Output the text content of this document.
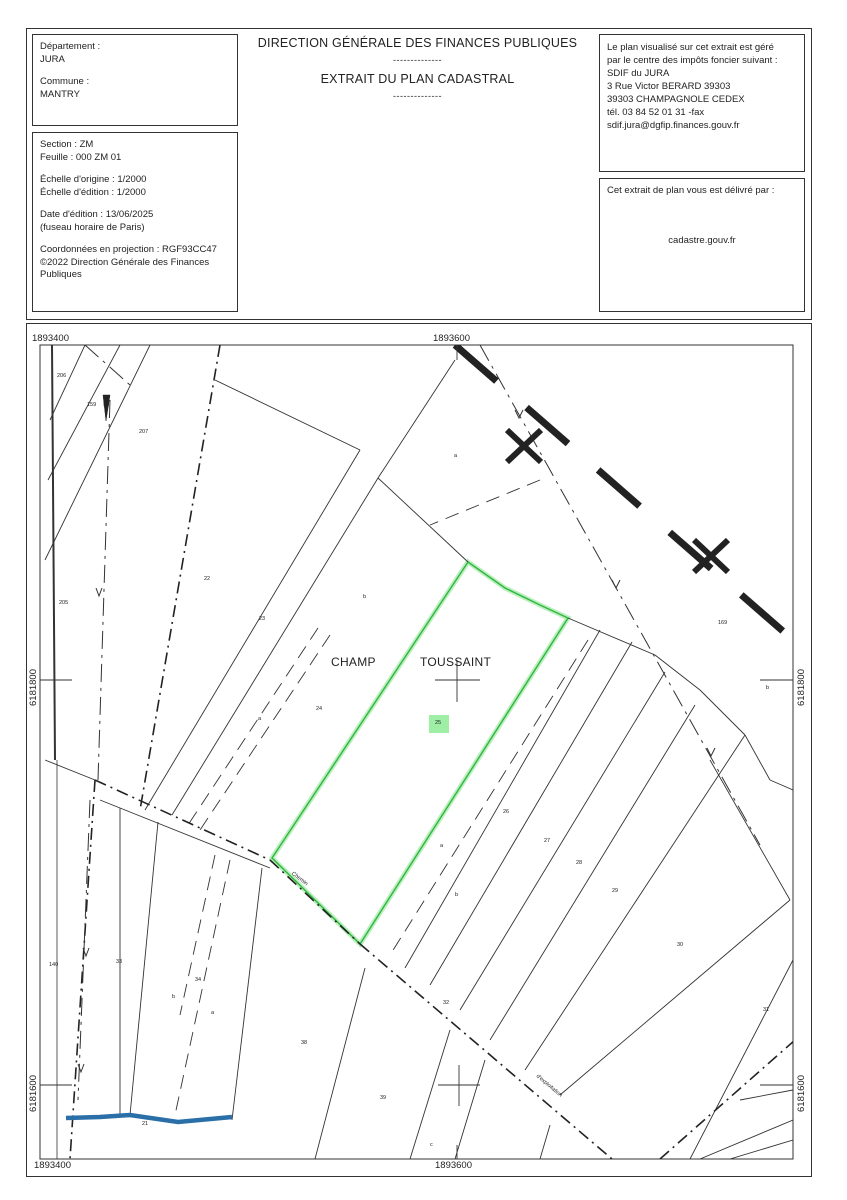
Département :
JURA
Commune :
MANTRY
Section : ZM
Feuille : 000 ZM 01
Échelle d'origine : 1/2000
Échelle d'édition : 1/2000
Date d'édition : 13/06/2025
(fuseau horaire de Paris)
Coordonnées en projection : RGF93CC47
©2022 Direction Générale des Finances
Publiques
DIRECTION GÉNÉRALE DES FINANCES PUBLIQUES
--------------
EXTRAIT DU PLAN CADASTRAL
--------------
Le plan visualisé sur cet extrait est géré
par le centre des impôts foncier suivant :
SDIF du JURA
3 Rue Victor BERARD 39303
39303 CHAMPAGNOLE CEDEX
tél. 03 84 52 01 31 -fax
sdif.jura@dgfip.finances.gouv.fr
Cet extrait de plan vous est délivré par :
cadastre.gouv.fr
1893400	1893600
1893400	1893600
6181800	6181800
6181600	6181600
CHAMP	TOUSSAINT
206
159
207
22
23
24
205
25
26
27
28
29
30
31
32
33
34
38
39
140
169
21
a
a
a
a
b
b
b
b
c
Chemin
d'exploitation
N
